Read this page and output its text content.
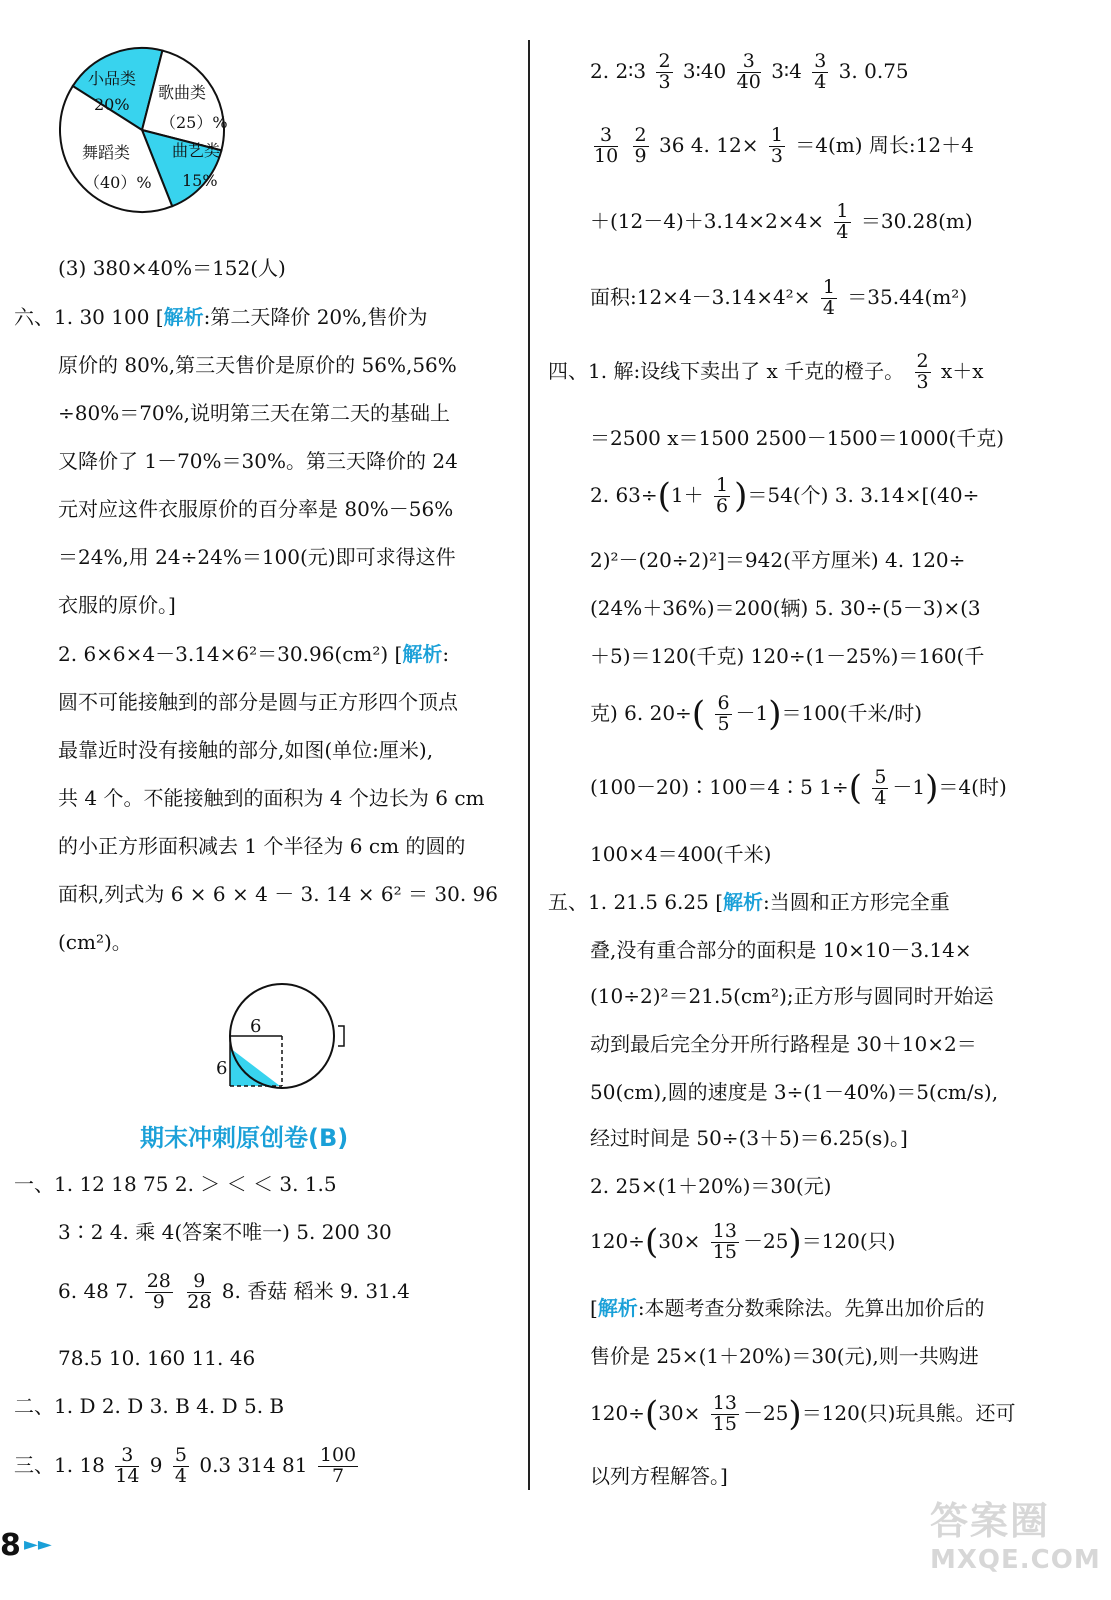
小品类
20%
歌曲类
（25）%
曲艺类
15%
舞蹈类
（40）%
(3) 380×40%＝152(人)
六、1. 30 100 [解析:第二天降价 20%,售价为
原价的 80%,第三天售价是原价的 56%,56%
÷80%＝70%,说明第三天在第二天的基础上
又降价了 1－70%＝30%。第三天降价的 24
元对应这件衣服原价的百分率是 80%－56%
＝24%,用 24÷24%＝100(元)即可求得这件
衣服的原价。]
2. 6×6×4－3.14×6²＝30.96(cm²) [解析:
圆不可能接触到的部分是圆与正方形四个顶点
最靠近时没有接触的部分,如图(单位:厘米),
共 4 个。不能接触到的面积为 4 个边长为 6 cm
的小正方形面积减去 1 个半径为 6 cm 的圆的
面积,列式为 6 × 6 × 4 － 3. 14 × 6² ＝ 30. 96
(cm²)。
6
6
期末冲刺原创卷(B)
一、1. 12 18 75 2. ＞ ＜ ＜ 3. 1.5
3∶2 4. 乘 4(答案不唯一) 5. 200 30
6. 48 7. $\frac{28}{9}$
$\frac{9}{28} 8$. 香菇 稻米 9. 31.4
78.5 10. 160 11. 46
二、1. D 2. D 3. B 4. D 5. B
三、1. $18 \frac{3}{14} 9 \frac{5}{4} 0.3$ 314 $81 \frac{100}{7}$
2. 2∶3 $\frac{2}{3}$ 3∶40 $\frac{3}{40}$ 3∶4 $\frac{3}{4} 3$. 0.75
$\frac{3}{10}$
$\frac{2}{9} 36$ 4. $12\times \frac{1}{3} =4(m)$ 周长:12＋4
$+(12-4)+3.14\times 2\times 4\times \frac{1}{4} =30.28(m)$
面积:12×4－3.14×4²× $\frac{1}{4} =35.44(m^2)$
四、1. 解:设线下卖出了 x 千克的橙子。 $\frac{2}{3} x+x$
＝2500 x＝1500 2500－1500＝1000(千克)
2. $63\div(1+ \frac{1}{6} )=54$(个) 3. 3.14×[(40÷
2)²－(20÷2)²]＝942(平方厘米) 4. 120÷
(24%＋36%)＝200(辆) 5. 30÷(5－3)×(3
＋5)＝120(千克) 120÷(1－25%)＝160(千
克) 6. $20\div( \frac{6}{5} -1)=100$(千米/时)
(100－20)∶100＝4∶5 $1\div( \frac{5}{4} -1)=4$(时)
100×4＝400(千米)
五、1. 21.5 6.25 [解析:当圆和正方形完全重
叠,没有重合部分的面积是 10×10－3.14×
(10÷2)²＝21.5(cm²);正方形与圆同时开始运
动到最后完全分开所行路程是 30＋10×2＝
50(cm),圆的速度是 3÷(1－40%)＝5(cm/s),
经过时间是 50÷(3＋5)＝6.25(s)。]
2. 25×(1＋20%)＝30(元)
$120\div(30\times \frac{13}{15} -25)=120$(只)
[解析:本题考查分数乘除法。先算出加价后的
售价是 25×(1＋20%)＝30(元),则一共购进
$120\div(30\times \frac{13}{15} -25)=120$(只)玩具熊。还可
以列方程解答。]
8 ►►
答案圈
MXQE.COM
